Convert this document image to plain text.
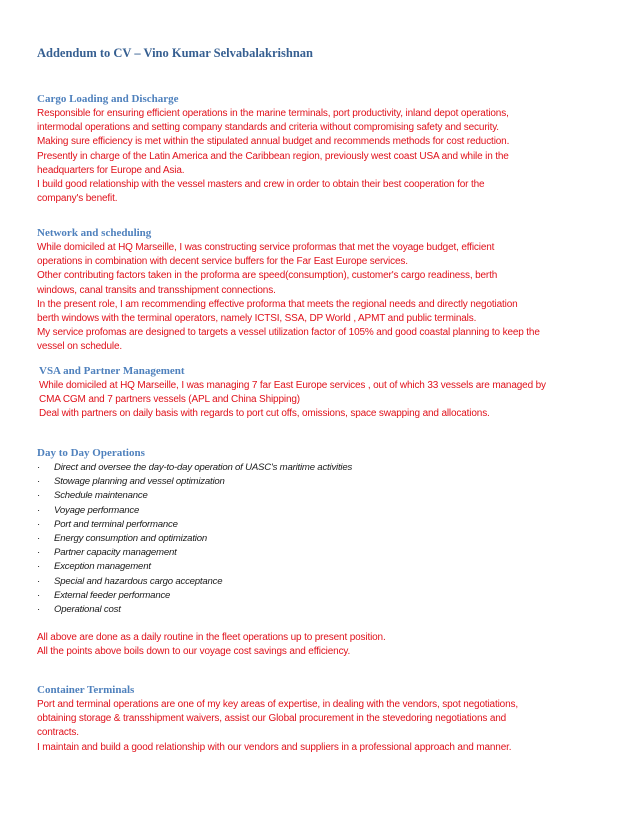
Addendum to CV – Vino Kumar Selvabalakrishnan
Cargo Loading and Discharge
Responsible for ensuring efficient operations in the marine terminals, port productivity, inland depot operations,
intermodal operations and setting company standards and criteria without compromising safety and security.
Making sure efficiency is met within the stipulated annual budget and recommends methods for cost reduction.
Presently in charge of the Latin America and the Caribbean region, previously west coast USA and while in the
headquarters for Europe and Asia.
I build good relationship with the vessel masters and crew in order to obtain their best cooperation for the
company's benefit.
Network and scheduling
While domiciled at HQ Marseille, I was constructing service proformas that met the voyage budget, efficient
operations in combination with decent service buffers for the Far East Europe services.
Other contributing factors taken in the proforma are speed(consumption), customer's cargo readiness, berth
windows, canal transits and transshipment connections.
In the present role, I am recommending effective proforma that meets the regional needs and directly negotiation
berth windows with the terminal operators, namely ICTSI, SSA, DP World , APMT and public terminals.
My service profomas are designed to targets a vessel utilization factor of 105% and good coastal planning to keep the
vessel on schedule.
VSA and Partner Management
While domiciled at HQ Marseille, I was managing 7 far East Europe services , out of which 33 vessels are managed by
CMA CGM and 7 partners vessels (APL and China Shipping)
Deal with partners on daily basis with regards to port cut offs, omissions, space swapping and allocations.
Day to Day Operations
· Direct and oversee the day-to-day operation of UASC's maritime activities
· Stowage planning and vessel optimization
· Schedule maintenance
· Voyage performance
· Port and terminal performance
· Energy consumption and optimization
· Partner capacity management
· Exception management
· Special and hazardous cargo acceptance
· External feeder performance
· Operational cost
All above are done as a daily routine in the fleet operations up to present position.
All the points above boils down to our voyage cost savings and efficiency.
Container Terminals
Port and terminal operations are one of my key areas of expertise, in dealing with the vendors, spot negotiations,
obtaining storage & transshipment waivers, assist our Global procurement in the stevedoring negotiations and
contracts.
I maintain and build a good relationship with our vendors and suppliers in a professional approach and manner.
